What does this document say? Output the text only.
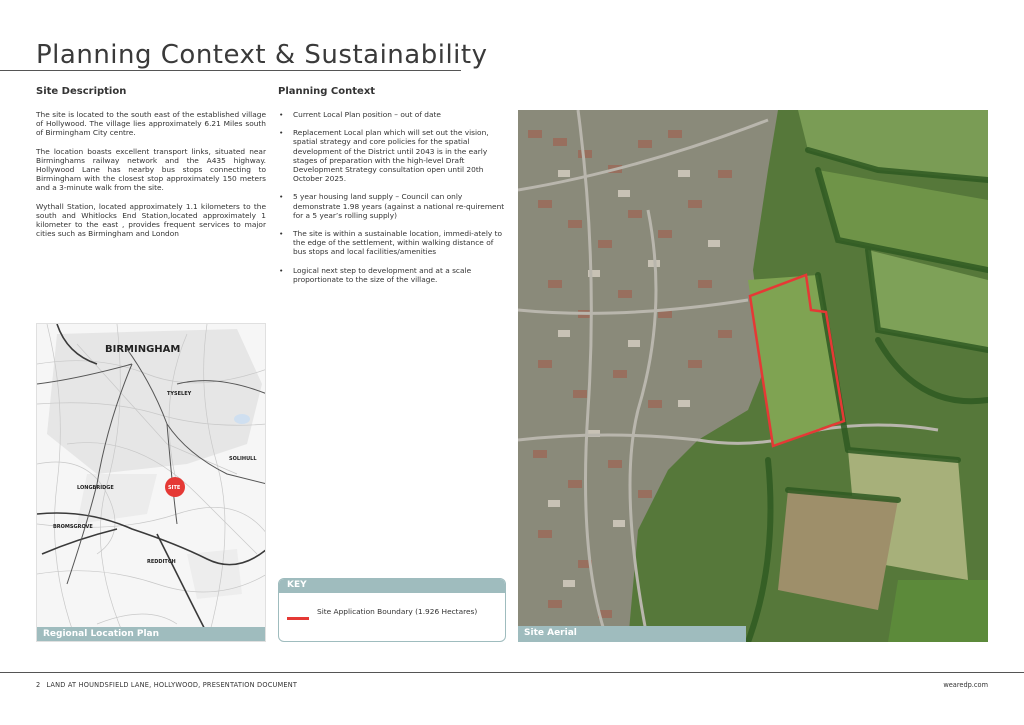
Planning Context & Sustainability
Site Description

The site is located to the south east of the established village of Hollywood. The village lies approximately 6.21 Miles south of Birmingham City centre.

The location boasts excellent transport links, situated near Birminghams railway network and the A435 highway. Hollywood Lane has nearby bus stops connecting to Birmingham with the closest stop approximately 150 meters and a 3-minute walk from the site.

Wythall Station, located approximately 1.1 kilometers to the south and Whitlocks End Station,located approximately 1 kilometer to the east , provides frequent services to major cities such as Birmingham and London

Planning Context
• Current Local Plan position – out of date
• Replacement Local plan which will set out the vision, spatial strategy and core policies for the spatial development of the District until 2043 is in the early stages of preparation with the high-level Draft Development Strategy consultation open until 20th October 2025.
• 5 year housing land supply – Council can only demonstrate 1.98 years (against a national re-quirement for a 5 year’s rolling supply)
• The site is within a sustainable location, immedi-ately to the edge of the settlement, within walking distance of bus stops and local facilities/amenities
• Logical next step to development and at a scale proportionate to the size of the village.
BIRMINGHAM
TYSELEY
SOLIHULL
LONGBRIDGE	SITE
BROMSGROVE
REDDITCH
Regional Location Plan
KEY
Site Application Boundary (1.926 Hectares)
Site Aerial
2 LAND AT HOUNDSFIELD LANE, HOLLYWOOD, PRESENTATION DOCUMENT	wearedp.com
